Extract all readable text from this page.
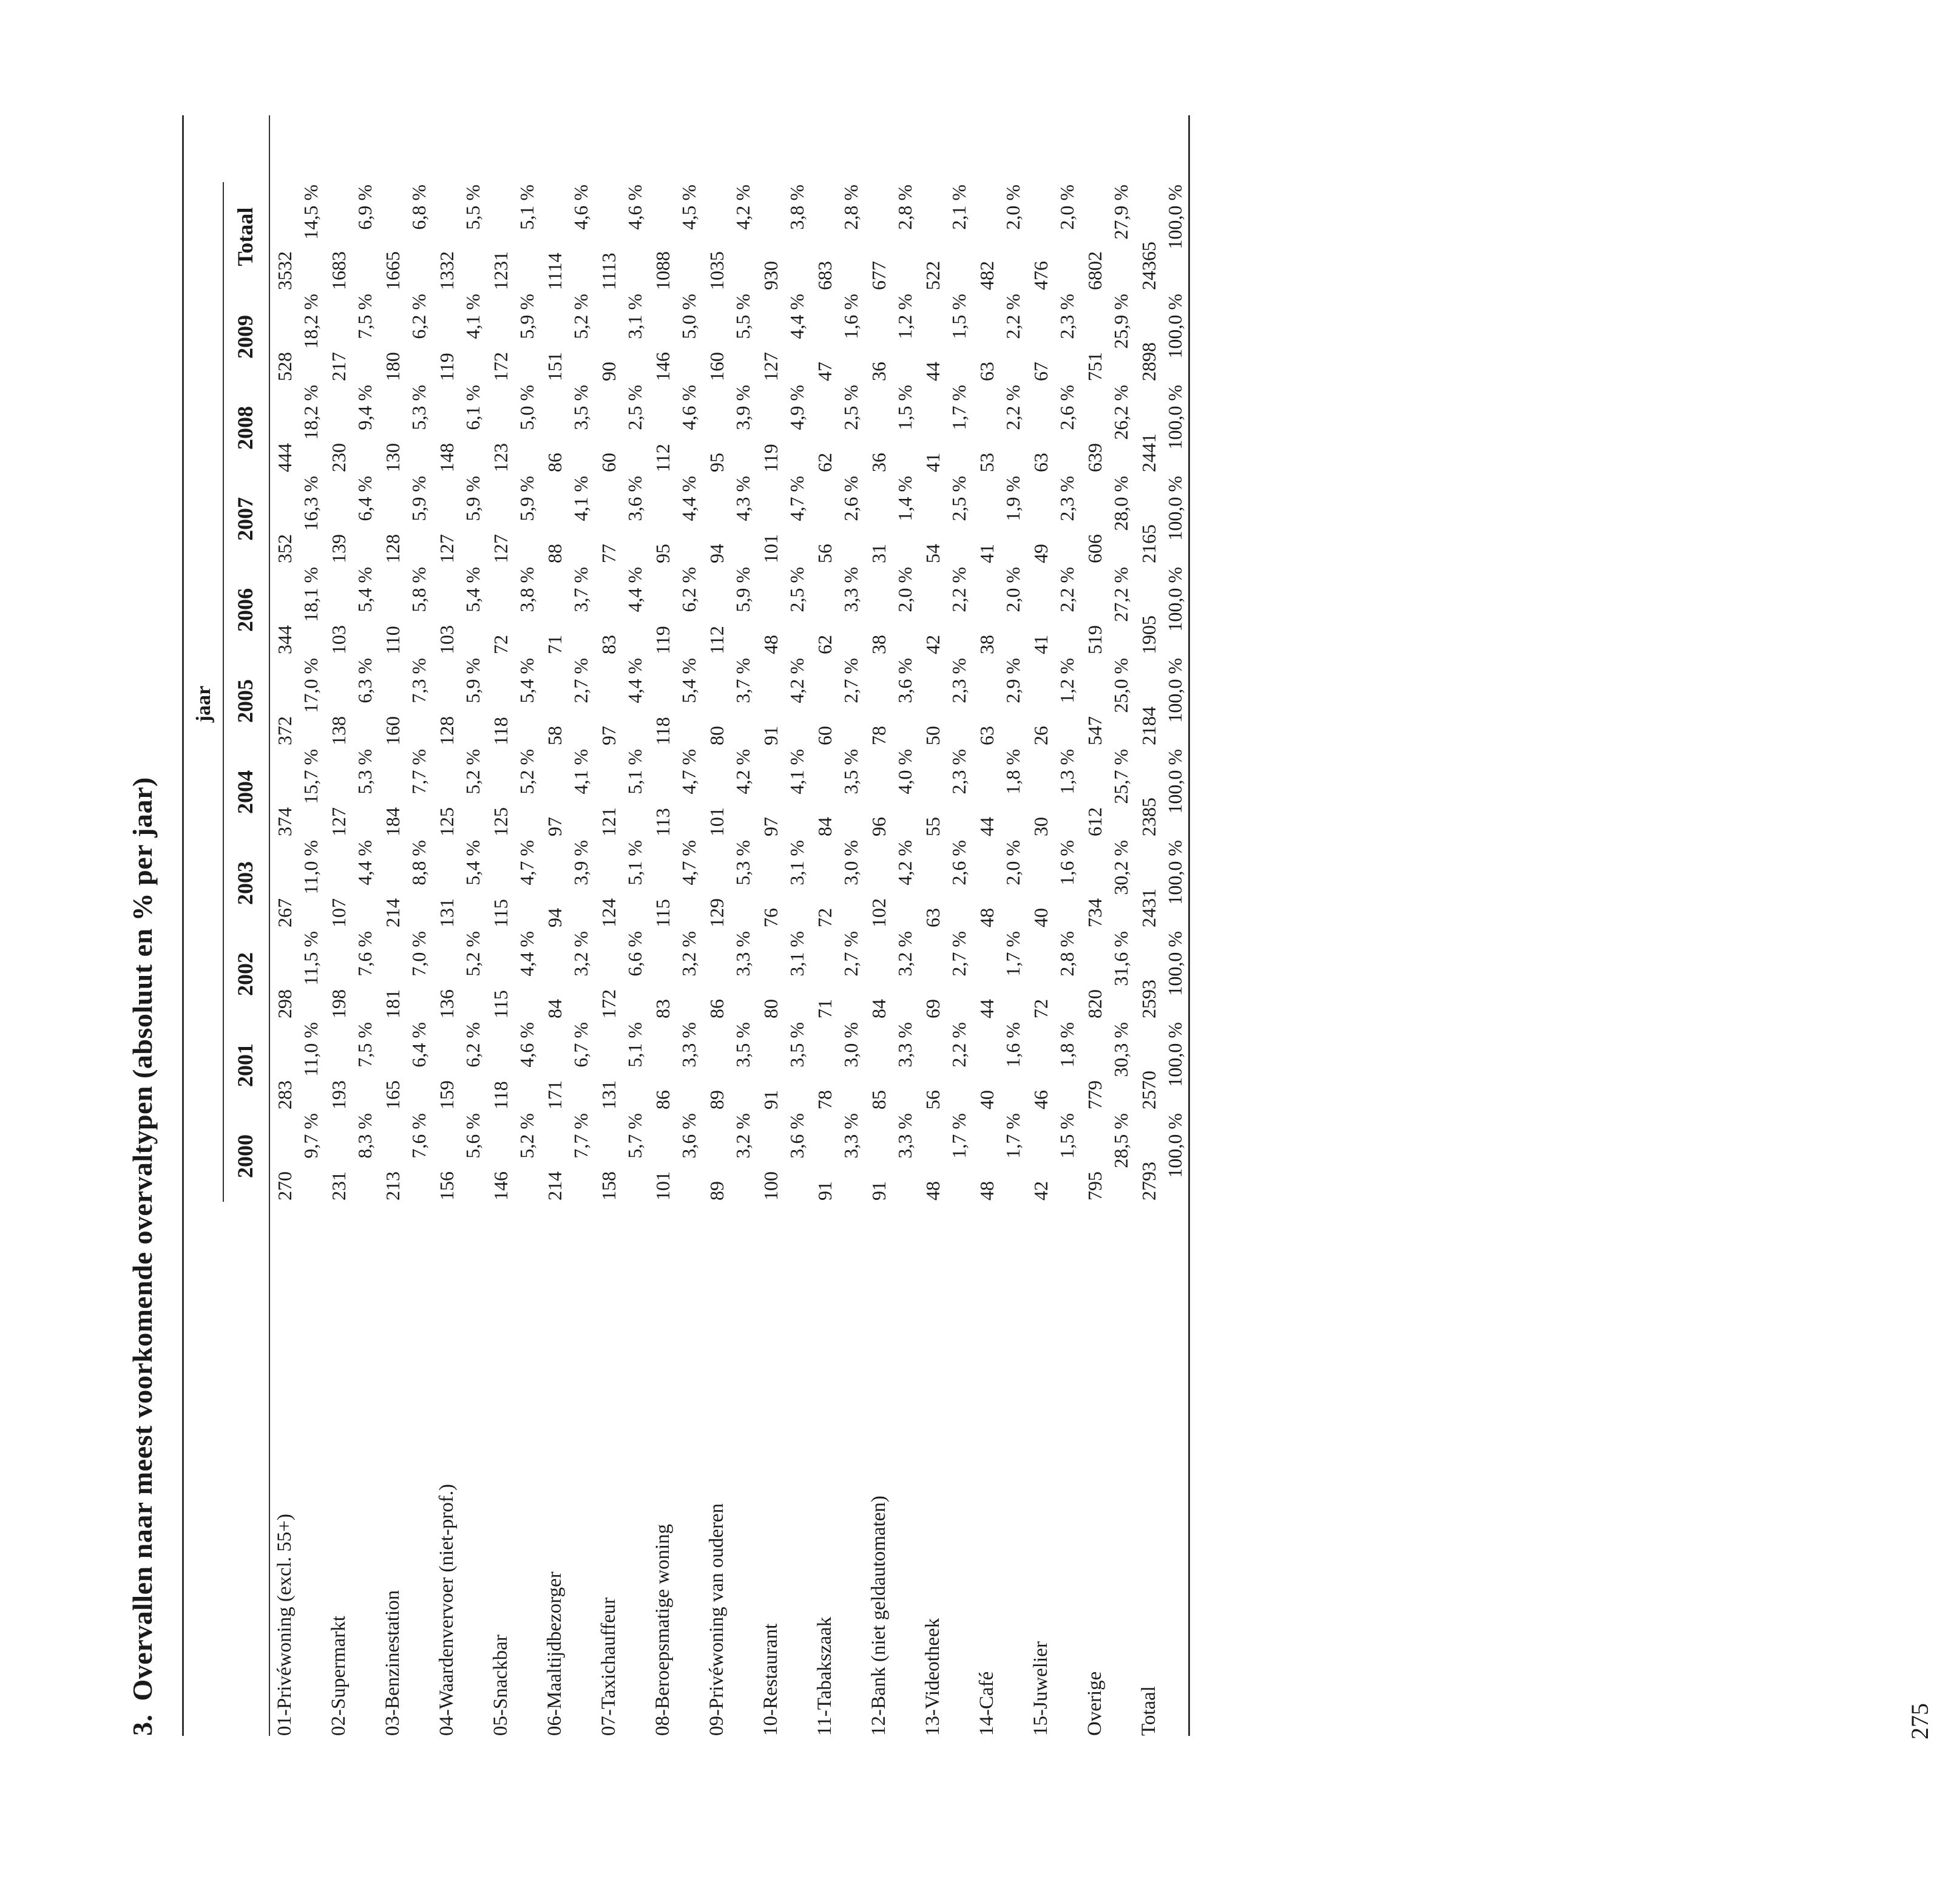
3.Overvallen naar meest voorkomende overvaltypen (absoluut en % per jaar)
jaar
2000
2001
2002
2003
2004
2005
2006
2007
2008
2009
Totaal
01-Privéwoning (excl. 55+)
270
9,7 %
283
11,0 %
298
11,5 %
267
11,0 %
374
15,7 %
372
17,0 %
344
18,1 %
352
16,3 %
444
18,2 %
528
18,2 %
3532
14,5 %
02-Supermarkt
231
8,3 %
193
7,5 %
198
7,6 %
107
4,4 %
127
5,3 %
138
6,3 %
103
5,4 %
139
6,4 %
230
9,4 %
217
7,5 %
1683
6,9 %
03-Benzinestation
213
7,6 %
165
6,4 %
181
7,0 %
214
8,8 %
184
7,7 %
160
7,3 %
110
5,8 %
128
5,9 %
130
5,3 %
180
6,2 %
1665
6,8 %
04-Waardenvervoer (niet-prof.)
156
5,6 %
159
6,2 %
136
5,2 %
131
5,4 %
125
5,2 %
128
5,9 %
103
5,4 %
127
5,9 %
148
6,1 %
119
4,1 %
1332
5,5 %
05-Snackbar
146
5,2 %
118
4,6 %
115
4,4 %
115
4,7 %
125
5,2 %
118
5,4 %
72
3,8 %
127
5,9 %
123
5,0 %
172
5,9 %
1231
5,1 %
06-Maaltijdbezorger
214
7,7 %
171
6,7 %
84
3,2 %
94
3,9 %
97
4,1 %
58
2,7 %
71
3,7 %
88
4,1 %
86
3,5 %
151
5,2 %
1114
4,6 %
07-Taxichauffeur
158
5,7 %
131
5,1 %
172
6,6 %
124
5,1 %
121
5,1 %
97
4,4 %
83
4,4 %
77
3,6 %
60
2,5 %
90
3,1 %
1113
4,6 %
08-Beroepsmatige woning
101
3,6 %
86
3,3 %
83
3,2 %
115
4,7 %
113
4,7 %
118
5,4 %
119
6,2 %
95
4,4 %
112
4,6 %
146
5,0 %
1088
4,5 %
09-Privéwoning van ouderen
89
3,2 %
89
3,5 %
86
3,3 %
129
5,3 %
101
4,2 %
80
3,7 %
112
5,9 %
94
4,3 %
95
3,9 %
160
5,5 %
1035
4,2 %
10-Restaurant
100
3,6 %
91
3,5 %
80
3,1 %
76
3,1 %
97
4,1 %
91
4,2 %
48
2,5 %
101
4,7 %
119
4,9 %
127
4,4 %
930
3,8 %
11-Tabakszaak
91
3,3 %
78
3,0 %
71
2,7 %
72
3,0 %
84
3,5 %
60
2,7 %
62
3,3 %
56
2,6 %
62
2,5 %
47
1,6 %
683
2,8 %
12-Bank (niet geldautomaten)
91
3,3 %
85
3,3 %
84
3,2 %
102
4,2 %
96
4,0 %
78
3,6 %
38
2,0 %
31
1,4 %
36
1,5 %
36
1,2 %
677
2,8 %
13-Videotheek
48
1,7 %
56
2,2 %
69
2,7 %
63
2,6 %
55
2,3 %
50
2,3 %
42
2,2 %
54
2,5 %
41
1,7 %
44
1,5 %
522
2,1 %
14-Café
48
1,7 %
40
1,6 %
44
1,7 %
48
2,0 %
44
1,8 %
63
2,9 %
38
2,0 %
41
1,9 %
53
2,2 %
63
2,2 %
482
2,0 %
15-Juwelier
42
1,5 %
46
1,8 %
72
2,8 %
40
1,6 %
30
1,3 %
26
1,2 %
41
2,2 %
49
2,3 %
63
2,6 %
67
2,3 %
476
2,0 %
Overige
795
28,5 %
779
30,3 %
820
31,6 %
734
30,2 %
612
25,7 %
547
25,0 %
519
27,2 %
606
28,0 %
639
26,2 %
751
25,9 %
6802
27,9 %
Totaal
2793
100,0 %
2570
100,0 %
2593
100,0 %
2431
100,0 %
2385
100,0 %
2184
100,0 %
1905
100,0 %
2165
100,0 %
2441
100,0 %
2898
100,0 %
24365
100,0 %
275
